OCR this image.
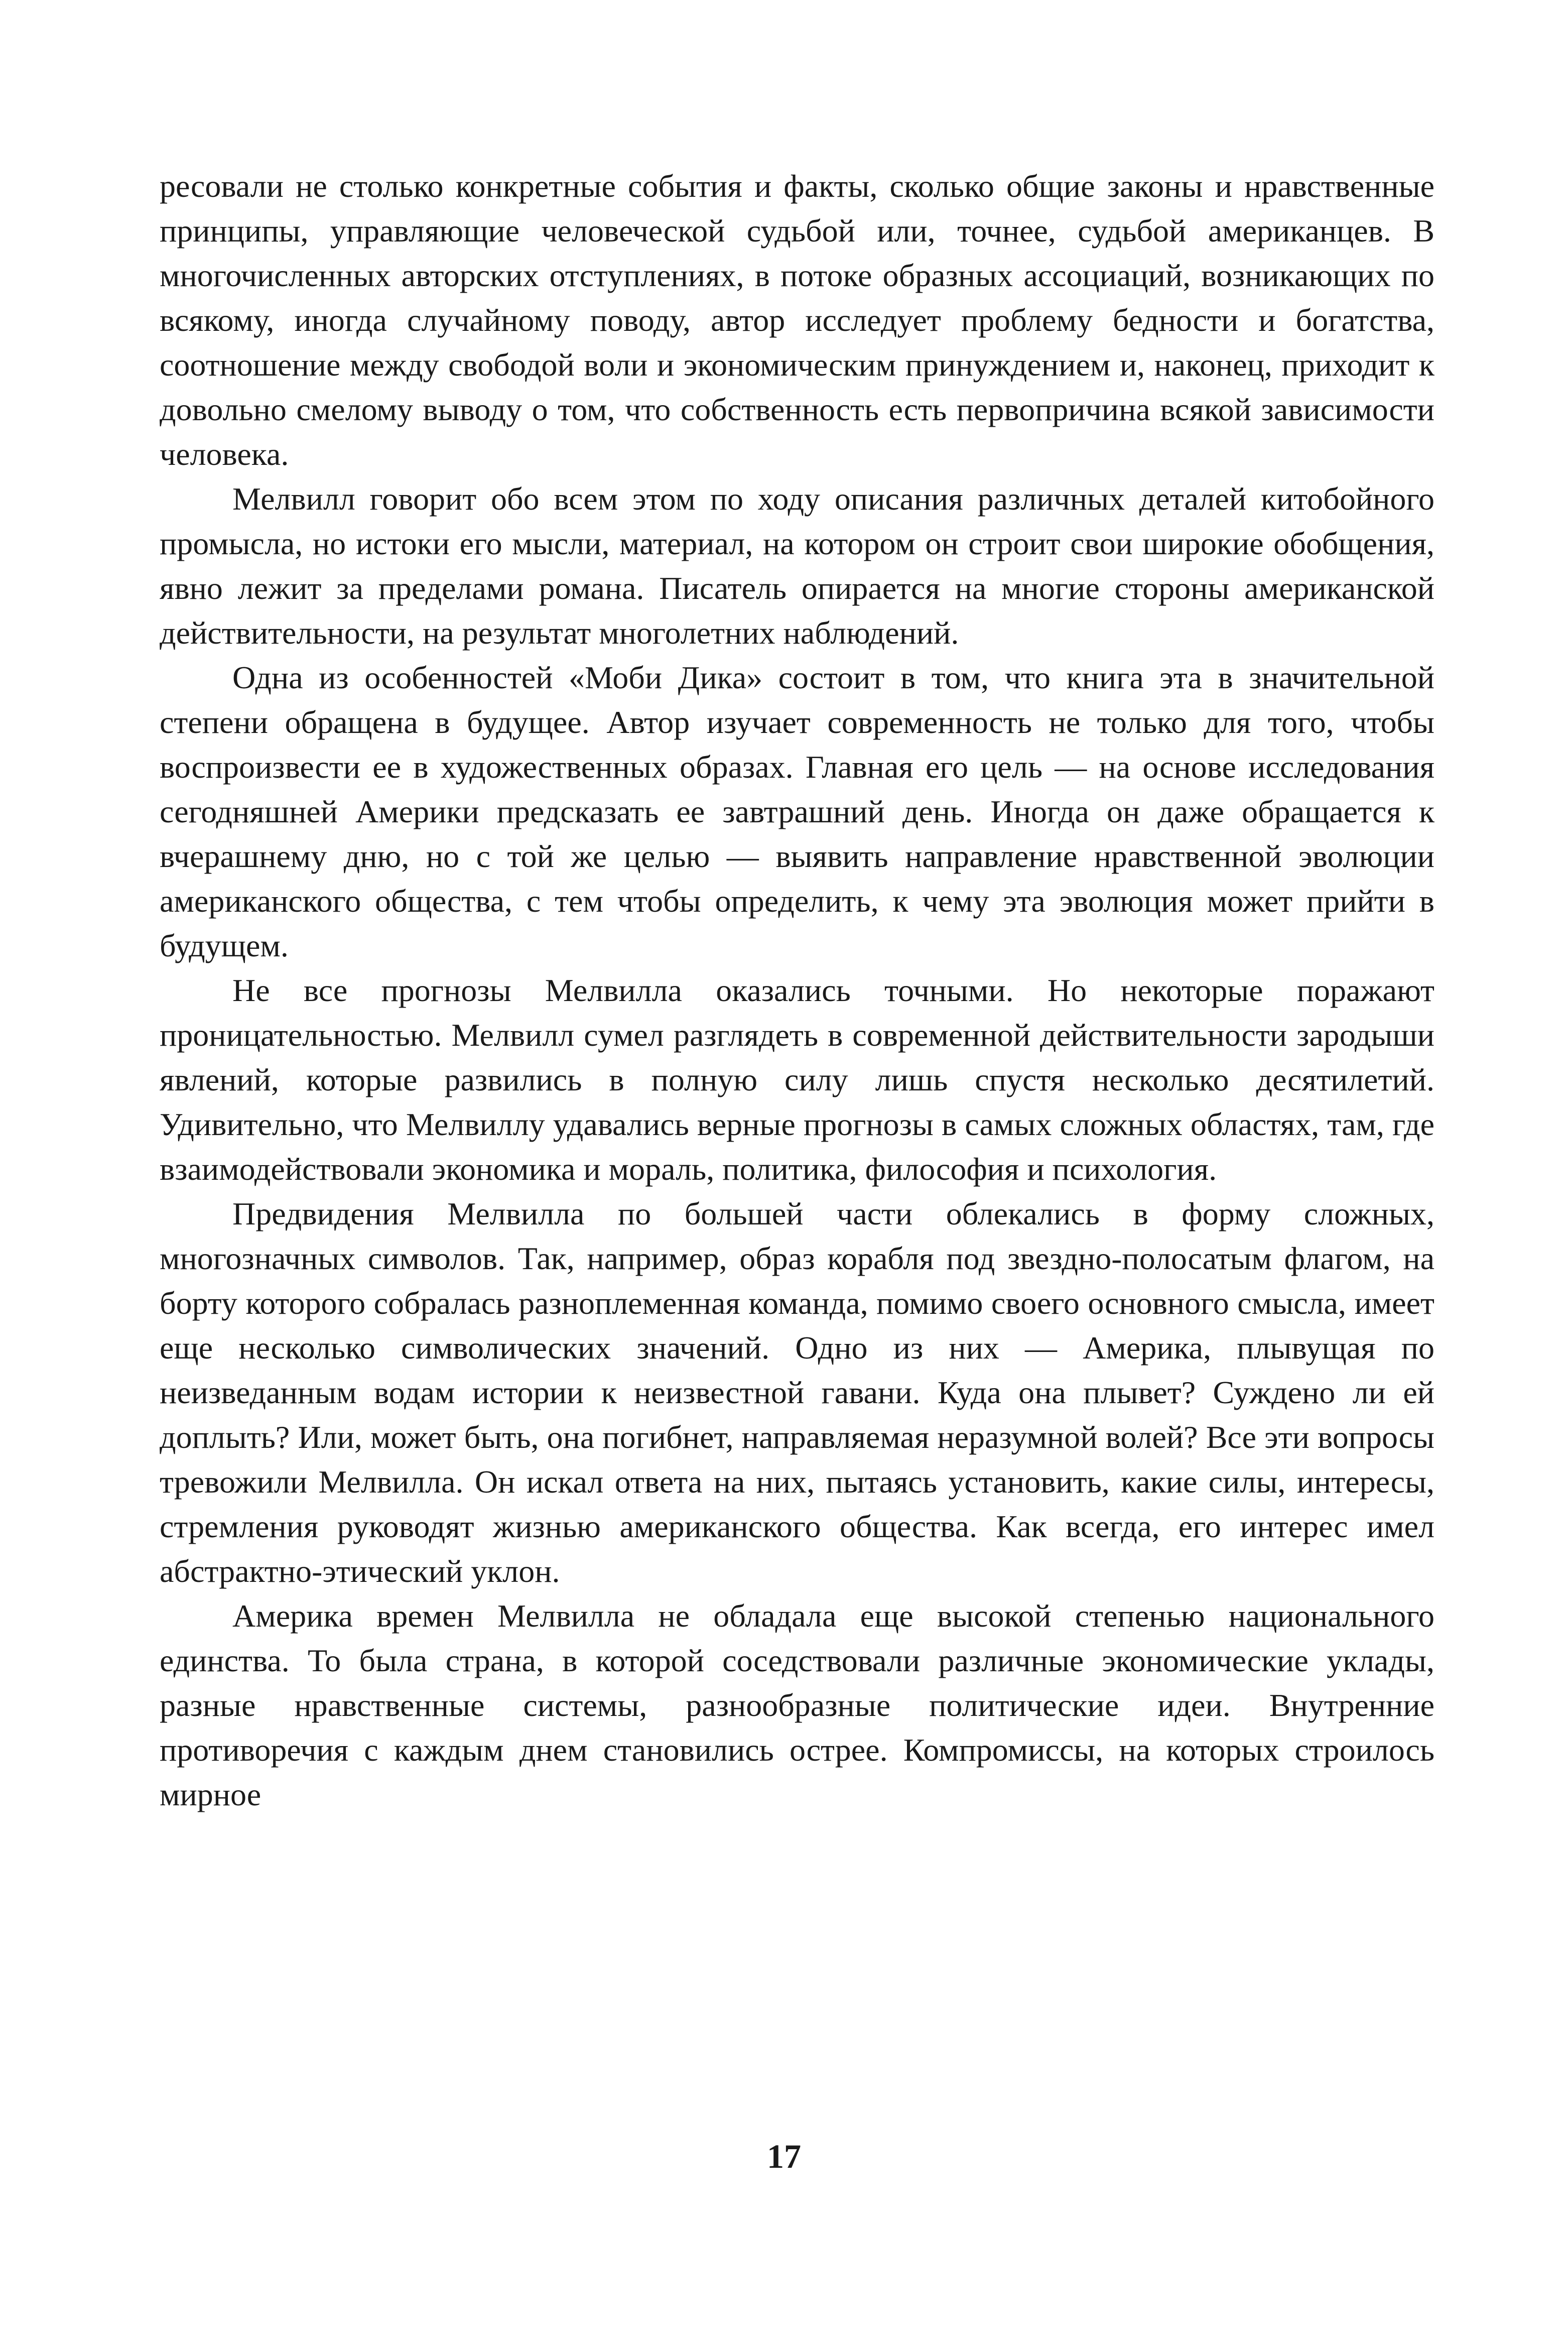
ресовали не столько конкретные события и факты, сколько общие законы и нравственные принципы, управляющие человеческой судьбой или, точнее, судьбой американцев. В многочисленных авторских отступлениях, в потоке образных ассоциаций, возникающих по всякому, иногда случайному поводу, автор исследует проблему бедности и богатства, соотношение между свободой воли и экономическим принуждением и, наконец, приходит к довольно смелому выводу о том, что собственность есть первопричина всякой зависимости человека.

Мелвилл говорит обо всем этом по ходу описания различных деталей китобойного промысла, но истоки его мысли, материал, на котором он строит свои широкие обобщения, явно лежит за пределами романа. Писатель опирается на многие стороны американской действительности, на результат многолетних наблюдений.

Одна из особенностей «Моби Дика» состоит в том, что книга эта в значительной степени обращена в будущее. Автор изучает современность не только для того, чтобы воспроизвести ее в художественных образах. Главная его цель — на основе исследования сегодняшней Америки предсказать ее завтрашний день. Иногда он даже обращается к вчерашнему дню, но с той же целью — выявить направление нравственной эволюции американского общества, с тем чтобы определить, к чему эта эволюция может прийти в будущем.

Не все прогнозы Мелвилла оказались точными. Но некоторые поражают проницательностью. Мелвилл сумел разглядеть в современной действительности зародыши явлений, которые развились в полную силу лишь спустя несколько десятилетий. Удивительно, что Мелвиллу удавались верные прогнозы в самых сложных областях, там, где взаимодействовали экономика и мораль, политика, философия и психология.

Предвидения Мелвилла по большей части облекались в форму сложных, многозначных символов. Так, например, образ корабля под звездно-полосатым флагом, на борту которого собралась разноплеменная команда, помимо своего основного смысла, имеет еще несколько символических значений. Одно из них — Америка, плывущая по неизведанным водам истории к неизвестной гавани. Куда она плывет? Суждено ли ей доплыть? Или, может быть, она погибнет, направляемая неразумной волей? Все эти вопросы тревожили Мелвилла. Он искал ответа на них, пытаясь установить, какие силы, интересы, стремления руководят жизнью американского общества. Как всегда, его интерес имел абстрактно-этический уклон.

Америка времен Мелвилла не обладала еще высокой степенью национального единства. То была страна, в которой соседствовали различные экономические уклады, разные нравственные системы, разнообразные политические идеи. Внутренние противоречия с каждым днем становились острее. Компромиссы, на которых строилось мирное

17
